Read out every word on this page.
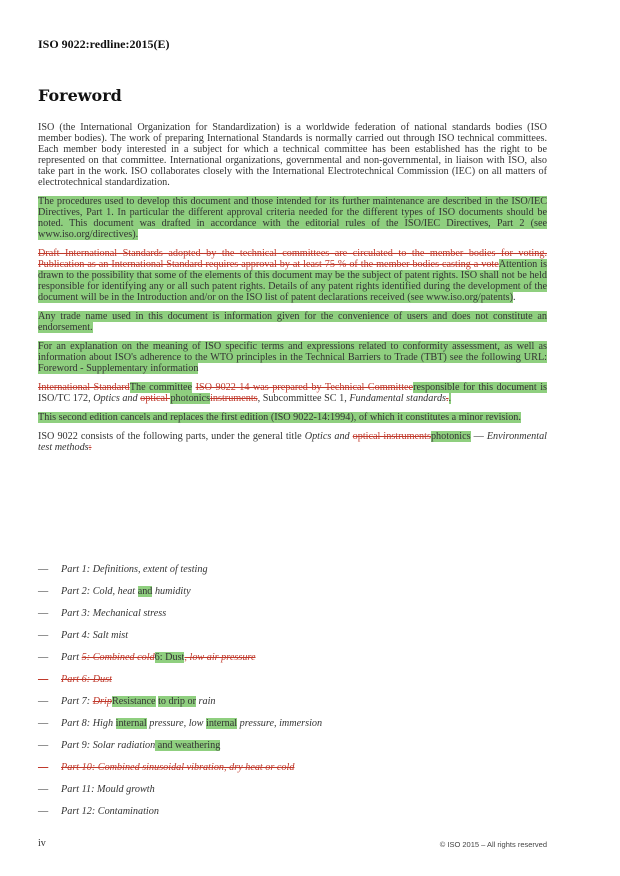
ISO 9022:redline:2015(E)
Foreword

ISO (the International Organization for Standardization) is a worldwide federation of national standards bodies (ISO member bodies). The work of preparing International Standards is normally carried out through ISO technical committees. Each member body interested in a subject for which a technical committee has been established has the right to be represented on that committee. International organizations, governmental and non-governmental, in liaison with ISO, also take part in the work. ISO collaborates closely with the International Electrotechnical Commission (IEC) on all matters of electrotechnical standardization.

The procedures used to develop this document and those intended for its further maintenance are described in the ISO/IEC Directives, Part 1. In particular the different approval criteria needed for the different types of ISO documents should be noted. This document was drafted in accordance with the editorial rules of the ISO/IEC Directives, Part 2 (see www.iso.org/directives).

Draft International Standards adopted by the technical committees are circulated to the member bodies for voting. Publication as an International Standard requires approval by at least 75 % of the member bodies casting a voteAttention is drawn to the possibility that some of the elements of this document may be the subject of patent rights. ISO shall not be held responsible for identifying any or all such patent rights. Details of any patent rights identified during the development of the document will be in the Introduction and/or on the ISO list of patent declarations received (see www.iso.org/patents).

Any trade name used in this document is information given for the convenience of users and does not constitute an endorsement.

For an explanation on the meaning of ISO specific terms and expressions related to conformity assessment, as well as information about ISO's adherence to the WTO principles in the Technical Barriers to Trade (TBT) see the following URL: Foreword - Supplementary information

International StandardThe committee ISO 9022-14 was prepared by Technical Committeeresponsible for this document is ISO/TC 172, Optics and optical photonicsinstruments, Subcommittee SC 1, Fundamental standards..

This second edition cancels and replaces the first edition (ISO 9022-14:1994), of which it constitutes a minor revision.

ISO 9022 consists of the following parts, under the general title Optics and optical instrumentsphotonics — Environmental test methods:

— Part 1: Definitions, extent of testing
— Part 2: Cold, heat and humidity
— Part 3: Mechanical stress
— Part 4: Salt mist
— Part 5: Combined cold6: Dust, low air pressure
— Part 6: Dust
— Part 7: DripResistance to drip or rain
— Part 8: High internal pressure, low internal pressure, immersion
— Part 9: Solar radiation and weathering
— Part 10: Combined sinusoidal vibration, dry heat or cold
— Part 11: Mould growth
— Part 12: Contamination
iv	© ISO 2015 – All rights reserved
